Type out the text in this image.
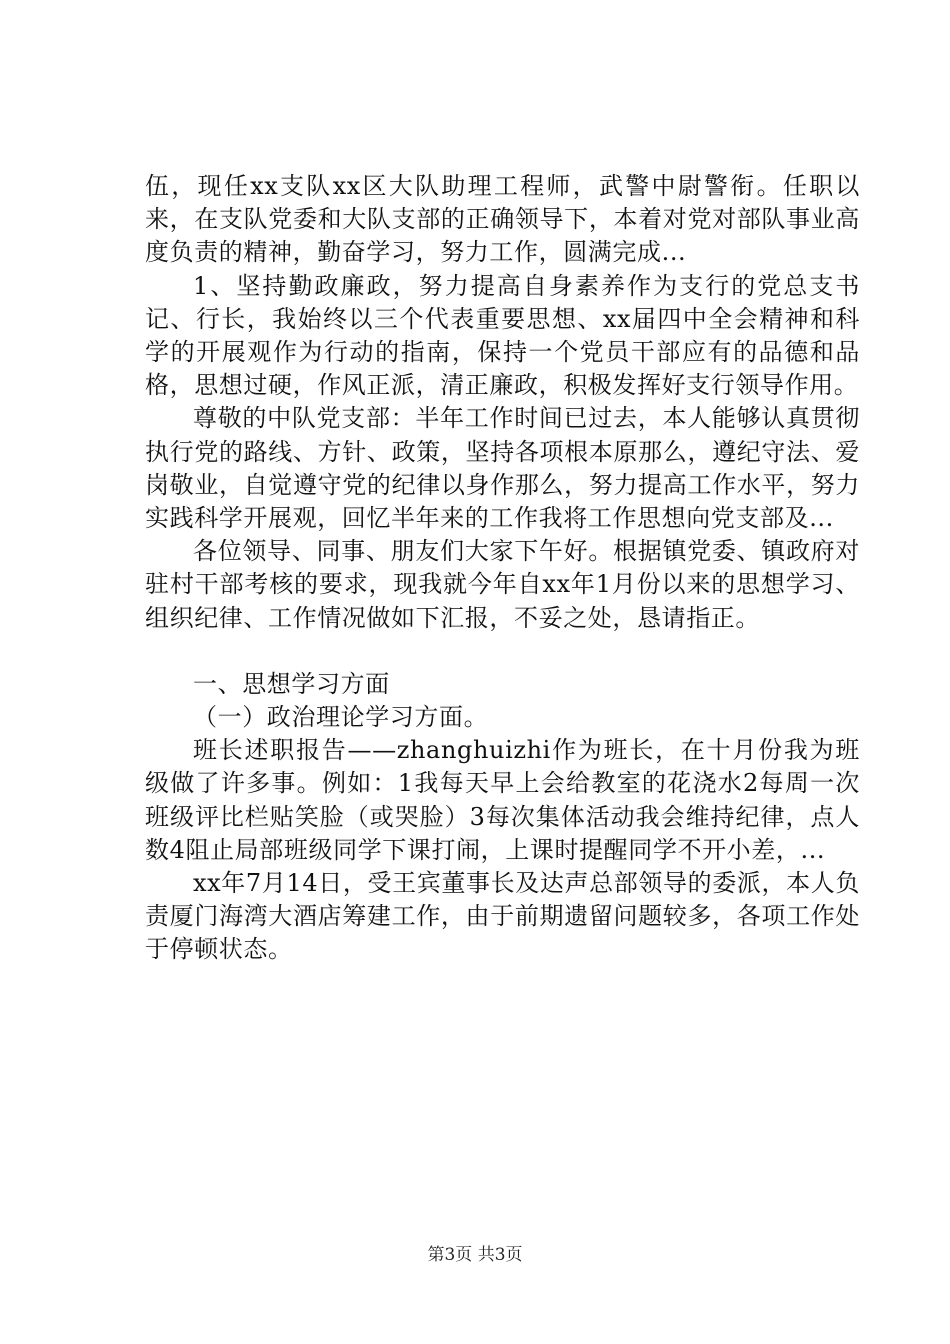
伍，现任xx支队xx区大队助理工程师，武警中尉警衔。任职以来，在支队党委和大队支部的正确领导下，本着对党对部队事业高度负责的精神，勤奋学习，努力工作，圆满完成...

1、坚持勤政廉政，努力提高自身素养作为支行的党总支书记、行长，我始终以三个代表重要思想、xx届四中全会精神和科学的开展观作为行动的指南，保持一个党员干部应有的品德和品格，思想过硬，作风正派，清正廉政，积极发挥好支行领导作用。

尊敬的中队党支部：半年工作时间已过去，本人能够认真贯彻执行党的路线、方针、政策，坚持各项根本原那么，遵纪守法、爱岗敬业，自觉遵守党的纪律以身作那么，努力提高工作水平，努力实践科学开展观，回忆半年来的工作我将工作思想向党支部及...

各位领导、同事、朋友们大家下午好。根据镇党委、镇政府对驻村干部考核的要求，现我就今年自xx年1月份以来的思想学习、组织纪律、工作情况做如下汇报，不妥之处，恳请指正。

一、思想学习方面

（一）政治理论学习方面。

班长述职报告——zhanghuizhi作为班长，在十月份我为班级做了许多事。例如：1我每天早上会给教室的花浇水2每周一次班级评比栏贴笑脸（或哭脸）3每次集体活动我会维持纪律，点人数4阻止局部班级同学下课打闹，上课时提醒同学不开小差，...

xx年7月14日，受王宾董事长及达声总部领导的委派，本人负责厦门海湾大酒店筹建工作，由于前期遗留问题较多，各项工作处于停顿状态。

第3页 共3页
